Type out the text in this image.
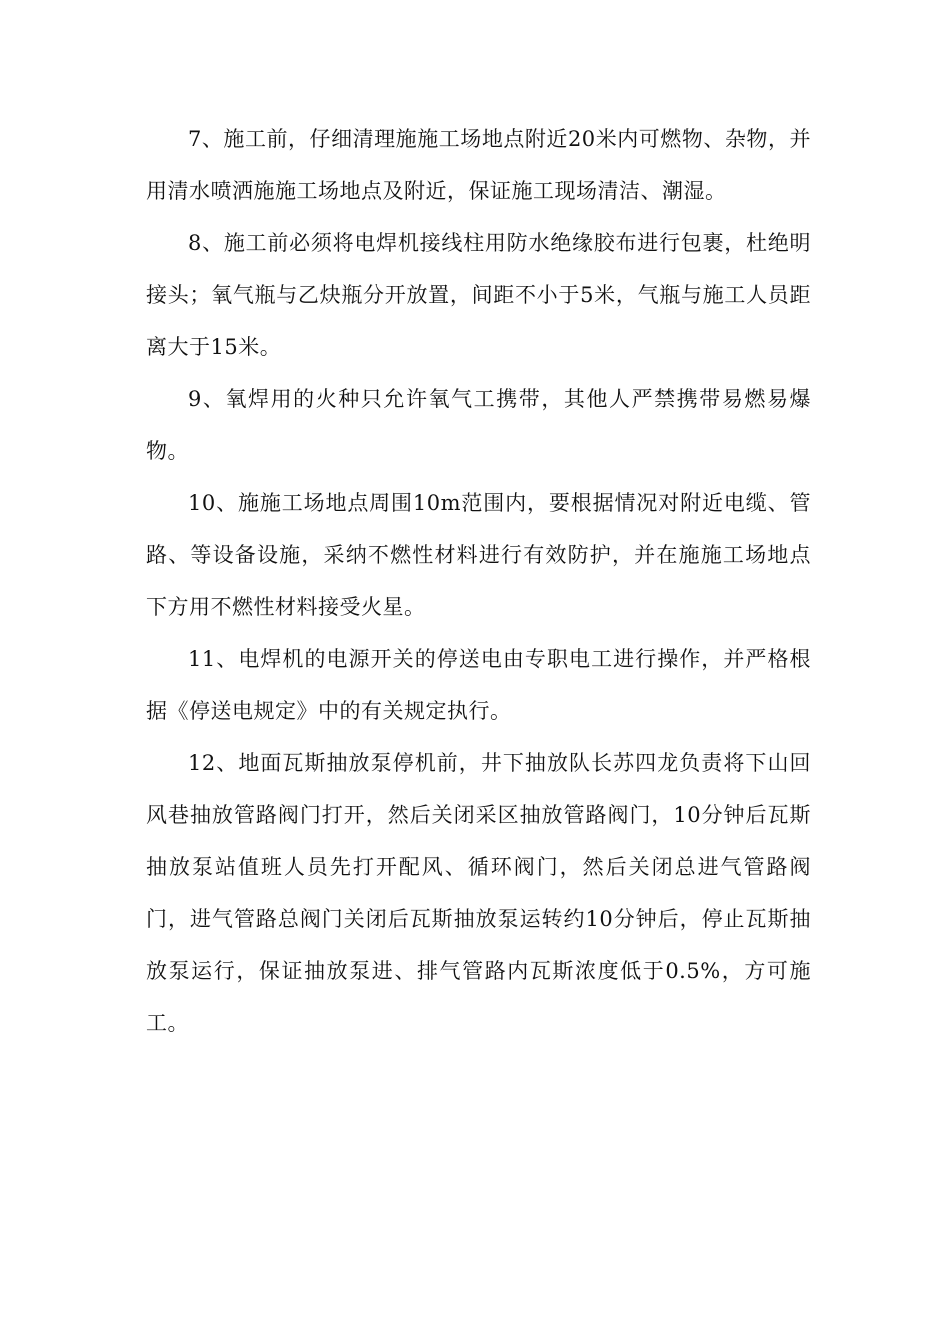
7、施工前，仔细清理施施工场地点附近20米内可燃物、杂物，并用清水喷洒施施工场地点及附近，保证施工现场清洁、潮湿。

8、施工前必须将电焊机接线柱用防水绝缘胶布进行包裹，杜绝明接头；氧气瓶与乙炔瓶分开放置，间距不小于5米，气瓶与施工人员距离大于15米。

9、氧焊用的火种只允许氧气工携带，其他人严禁携带易燃易爆物。

10、施施工场地点周围10m范围内，要根据情况对附近电缆、管路、等设备设施，采纳不燃性材料进行有效防护，并在施施工场地点下方用不燃性材料接受火星。

11、电焊机的电源开关的停送电由专职电工进行操作，并严格根据《停送电规定》中的有关规定执行。

12、地面瓦斯抽放泵停机前，井下抽放队长苏四龙负责将下山回风巷抽放管路阀门打开，然后关闭采区抽放管路阀门，10分钟后瓦斯抽放泵站值班人员先打开配风、循环阀门，然后关闭总进气管路阀门，进气管路总阀门关闭后瓦斯抽放泵运转约10分钟后，停止瓦斯抽放泵运行，保证抽放泵进、排气管路内瓦斯浓度低于0.5%，方可施工。
